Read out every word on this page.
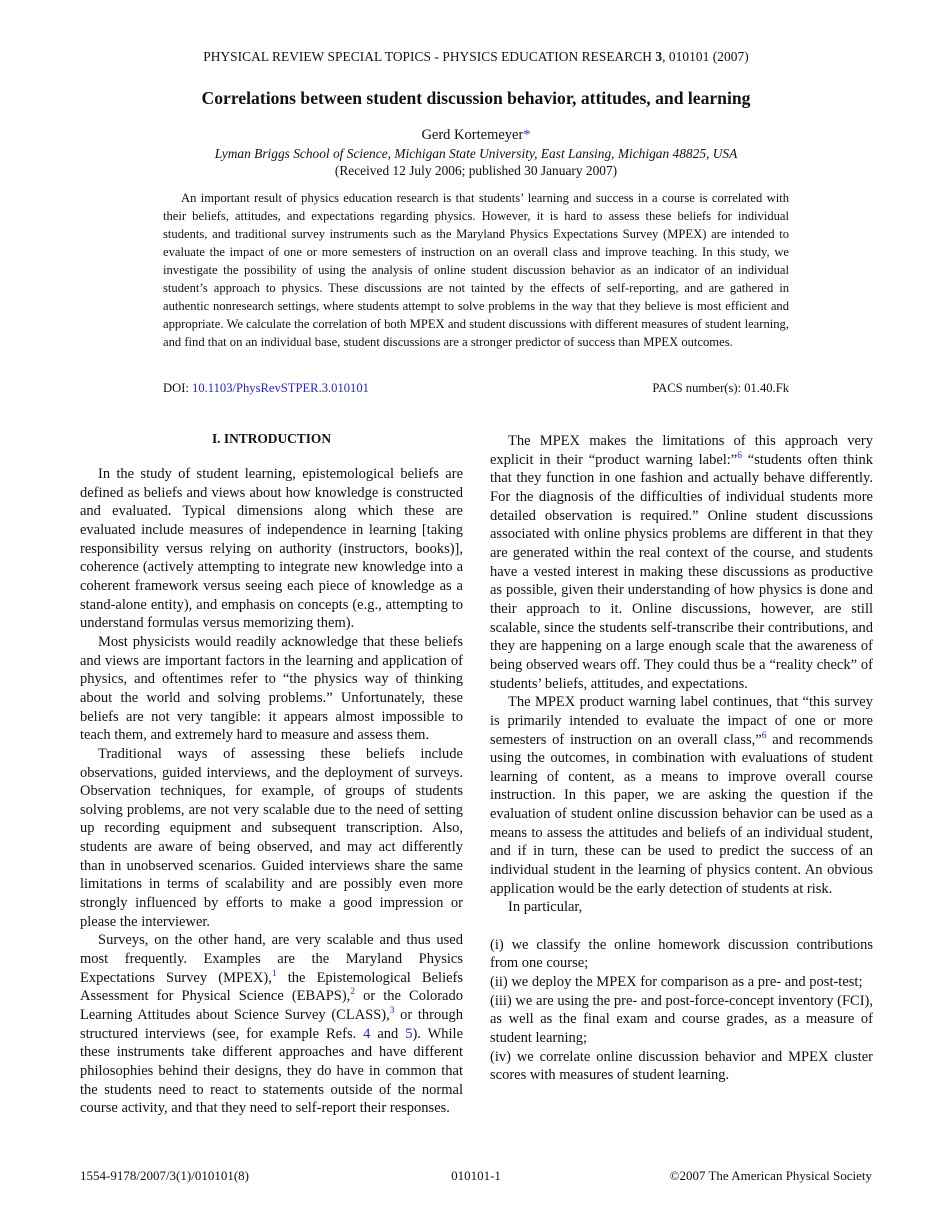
PHYSICAL REVIEW SPECIAL TOPICS - PHYSICS EDUCATION RESEARCH 3, 010101 (2007)
Correlations between student discussion behavior, attitudes, and learning
Gerd Kortemeyer*
Lyman Briggs School of Science, Michigan State University, East Lansing, Michigan 48825, USA
(Received 12 July 2006; published 30 January 2007)

An important result of physics education research is that students’ learning and success in a course is correlated with their beliefs, attitudes, and expectations regarding physics. However, it is hard to assess these beliefs for individual students, and traditional survey instruments such as the Maryland Physics Expectations Survey (MPEX) are intended to evaluate the impact of one or more semesters of instruction on an overall class and improve teaching. In this study, we investigate the possibility of using the analysis of online student discussion behavior as an indicator of an individual student’s approach to physics. These discussions are not tainted by the effects of self-reporting, and are gathered in authentic nonresearch settings, where students attempt to solve problems in the way that they believe is most efficient and appropriate. We calculate the correlation of both MPEX and student discussions with different measures of student learning, and find that on an individual base, student discussions are a stronger predictor of success than MPEX outcomes.

DOI: 10.1103/PhysRevSTPER.3.010101	PACS number(s): 01.40.Fk
I. INTRODUCTION

In the study of student learning, epistemological beliefs are defined as beliefs and views about how knowledge is constructed and evaluated. Typical dimensions along which these are evaluated include measures of independence in learning [taking responsibility versus relying on authority (instructors, books)], coherence (actively attempting to integrate new knowledge into a coherent framework versus seeing each piece of knowledge as a stand-alone entity), and emphasis on concepts (e.g., attempting to understand formulas versus memorizing them).

Most physicists would readily acknowledge that these beliefs and views are important factors in the learning and application of physics, and oftentimes refer to “the physics way of thinking about the world and solving problems.” Unfortunately, these beliefs are not very tangible: it appears almost impossible to teach them, and extremely hard to measure and assess them.

Traditional ways of assessing these beliefs include observations, guided interviews, and the deployment of surveys. Observation techniques, for example, of groups of students solving problems, are not very scalable due to the need of setting up recording equipment and subsequent transcription. Also, students are aware of being observed, and may act differently than in unobserved scenarios. Guided interviews share the same limitations in terms of scalability and are possibly even more strongly influenced by efforts to make a good impression or please the interviewer.

Surveys, on the other hand, are very scalable and thus used most frequently. Examples are the Maryland Physics Expectations Survey (MPEX),$^1$ the Epistemological Beliefs Assessment for Physical Science (EBAPS),$^2$ or the Colorado Learning Attitudes about Science Survey (CLASS),$^3$ or through structured interviews (see, for example Refs. 4 and 5). While these instruments take different approaches and have different philosophies behind their designs, they do have in common that the students need to react to statements outside of the normal course activity, and that they need to self-report their responses.

The MPEX makes the limitations of this approach very explicit in their “product warning label:”$^6$ “students often think that they function in one fashion and actually behave differently. For the diagnosis of the difficulties of individual students more detailed observation is required.” Online student discussions associated with online physics problems are different in that they are generated within the real context of the course, and students have a vested interest in making these discussions as productive as possible, given their understanding of how physics is done and their approach to it. Online discussions, however, are still scalable, since the students self-transcribe their contributions, and they are happening on a large enough scale that the awareness of being observed wears off. They could thus be a “reality check” of students’ beliefs, attitudes, and expectations.

The MPEX product warning label continues, that “this survey is primarily intended to evaluate the impact of one or more semesters of instruction on an overall class,”$^6$ and recommends using the outcomes, in combination with evaluations of student learning of content, as a means to improve overall course instruction. In this paper, we are asking the question if the evaluation of student online discussion behavior can be used as a means to assess the attitudes and beliefs of an individual student, and if in turn, these can be used to predict the success of an individual student in the learning of physics content. An obvious application would be the early detection of students at risk.

In particular,

(i) we classify the online homework discussion contributions from one course;

(ii) we deploy the MPEX for comparison as a pre- and post-test;

(iii) we are using the pre- and post-force-concept inventory (FCI), as well as the final exam and course grades, as a measure of student learning;

(iv) we correlate online discussion behavior and MPEX cluster scores with measures of student learning.

1554-9178/2007/3(1)/010101(8)	010101-1	©2007 The American Physical Society
